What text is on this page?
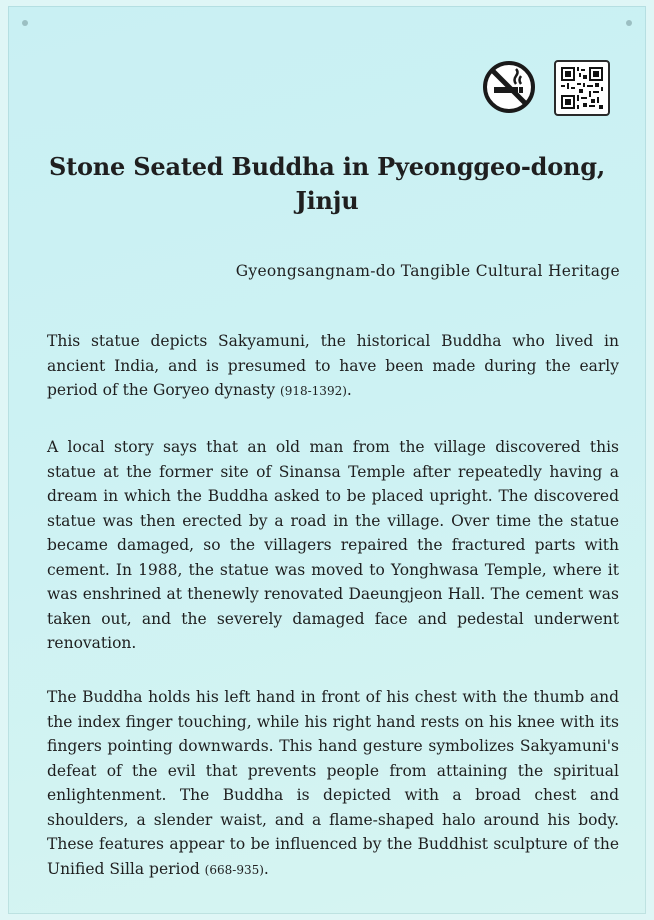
Stone Seated Buddha in Pyeonggeo-dong,
Jinju
Gyeongsangnam-do Tangible Cultural Heritage

This statue depicts Sakyamuni, the historical Buddha who lived in ancient India, and is presumed to have been made during the early period of the Goryeo dynasty (918-1392).

A local story says that an old man from the village discovered this statue at the former site of Sinansa Temple after repeatedly having a dream in which the Buddha asked to be placed upright. The discovered statue was then erected by a road in the village. Over time the statue became damaged, so the villagers repaired the fractured parts with cement. In 1988, the statue was moved to Yonghwasa Temple, where it was enshrined at thenewly renovated Daeungjeon Hall. The cement was taken out, and the severely damaged face and pedestal underwent renovation.

The Buddha holds his left hand in front of his chest with the thumb and the index finger touching, while his right hand rests on his knee with its fingers pointing downwards. This hand gesture symbolizes Sakyamuni's defeat of the evil that prevents people from attaining the spiritual enlightenment. The Buddha is depicted with a broad chest and shoulders, a slender waist, and a flame-shaped halo around his body. These features appear to be influenced by the Buddhist sculpture of the Unified Silla period (668-935).
